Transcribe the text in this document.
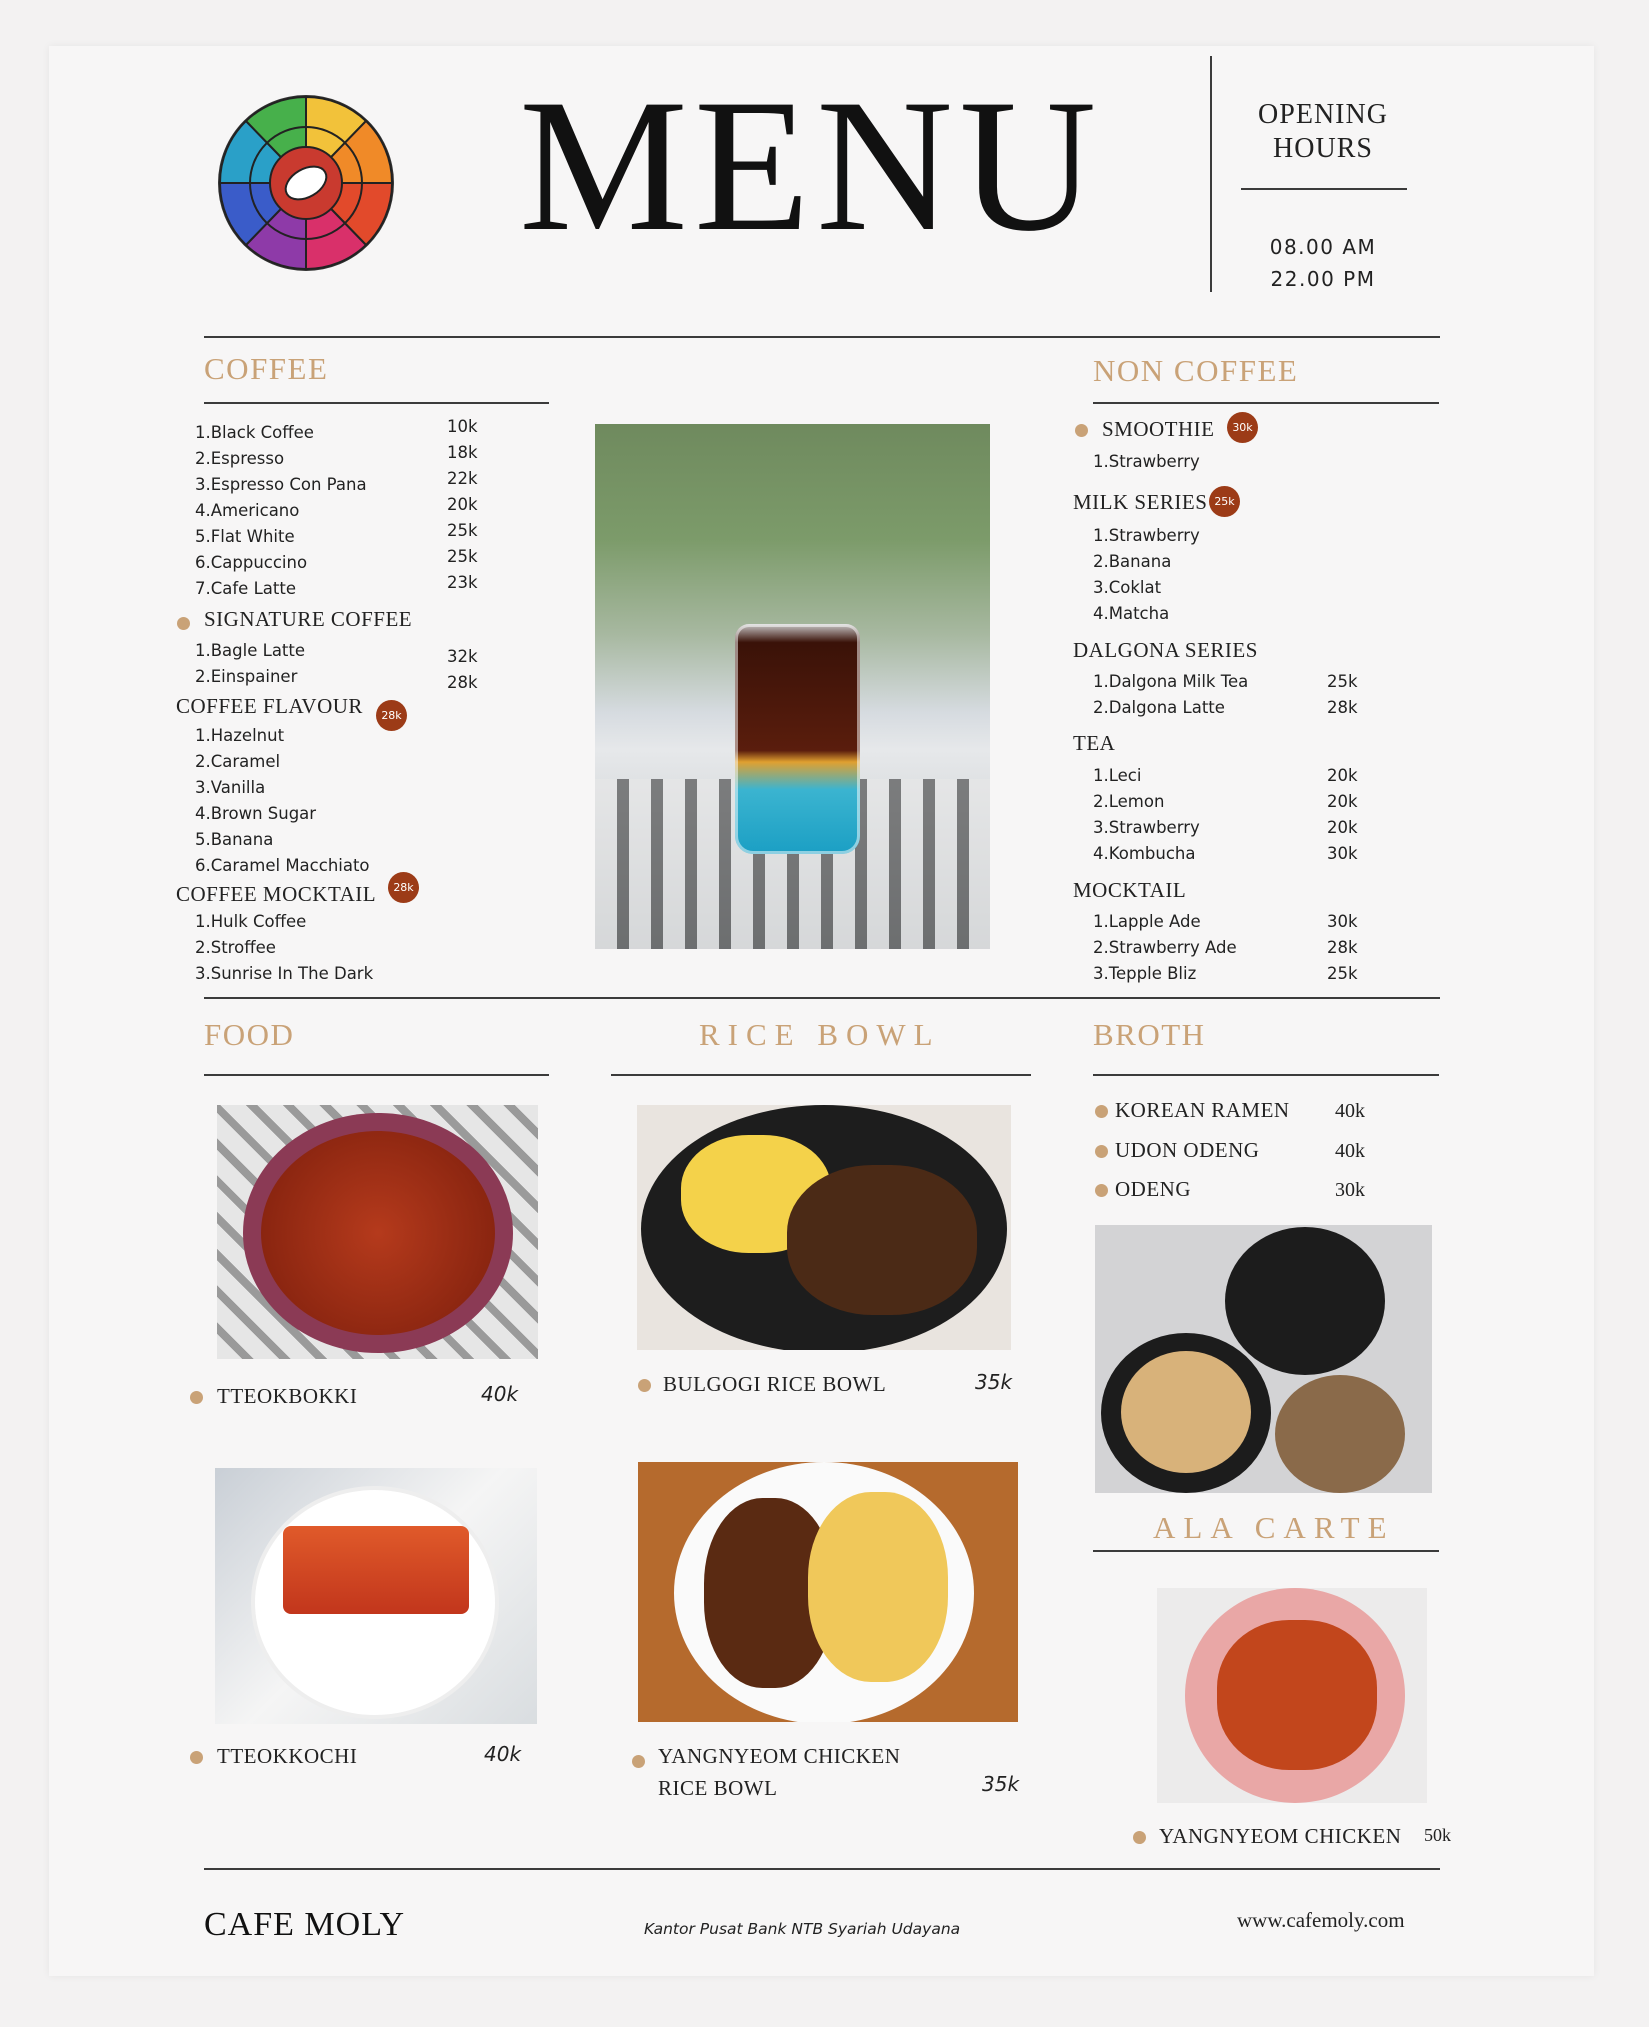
MENU	OPENING
HOURS
08.00 AM
22.00 PM
COFFEE
1.Black Coffee	10k
2.Espresso	18k
3.Espresso Con Pana	22k
4.Americano	20k
5.Flat White	25k
6.Cappuccino	25k
7.Cafe Latte	23k
SIGNATURE COFFEE
1.Bagle Latte	32k
2.Einspainer	28k
COFFEE FLAVOUR	28k
1.Hazelnut
2.Caramel
3.Vanilla
4.Brown Sugar
5.Banana
6.Caramel Macchiato
COFFEE MOCKTAIL	28k
1.Hulk Coffee
2.Stroffee
3.Sunrise In The Dark
NON COFFEE
SMOOTHIE	30k
1.Strawberry
MILK SERIES 25k
1.Strawberry
2.Banana
3.Coklat
4.Matcha
DALGONA SERIES
1.Dalgona Milk Tea	25k
2.Dalgona Latte	28k
TEA
1.Leci	20k
2.Lemon	20k
3.Strawberry	20k
4.Kombucha	30k
MOCKTAIL
1.Lapple Ade	30k
2.Strawberry Ade	28k
3.Tepple Bliz	25k
FOOD
TTEOKBOKKI	40k
TTEOKKOCHI	40k
RICE BOWL
BULGOGI RICE BOWL	35k
YANGNYEOM CHICKEN
RICE BOWL	35k
BROTH
KOREAN RAMEN 40k
UDON ODENG	40k
ODENG	30k
ALA CARTE
YANGNYEOM CHICKEN 50k
CAFE MOLY	Kantor Pusat Bank NTB Syariah Udayana	www.cafemoly.com
